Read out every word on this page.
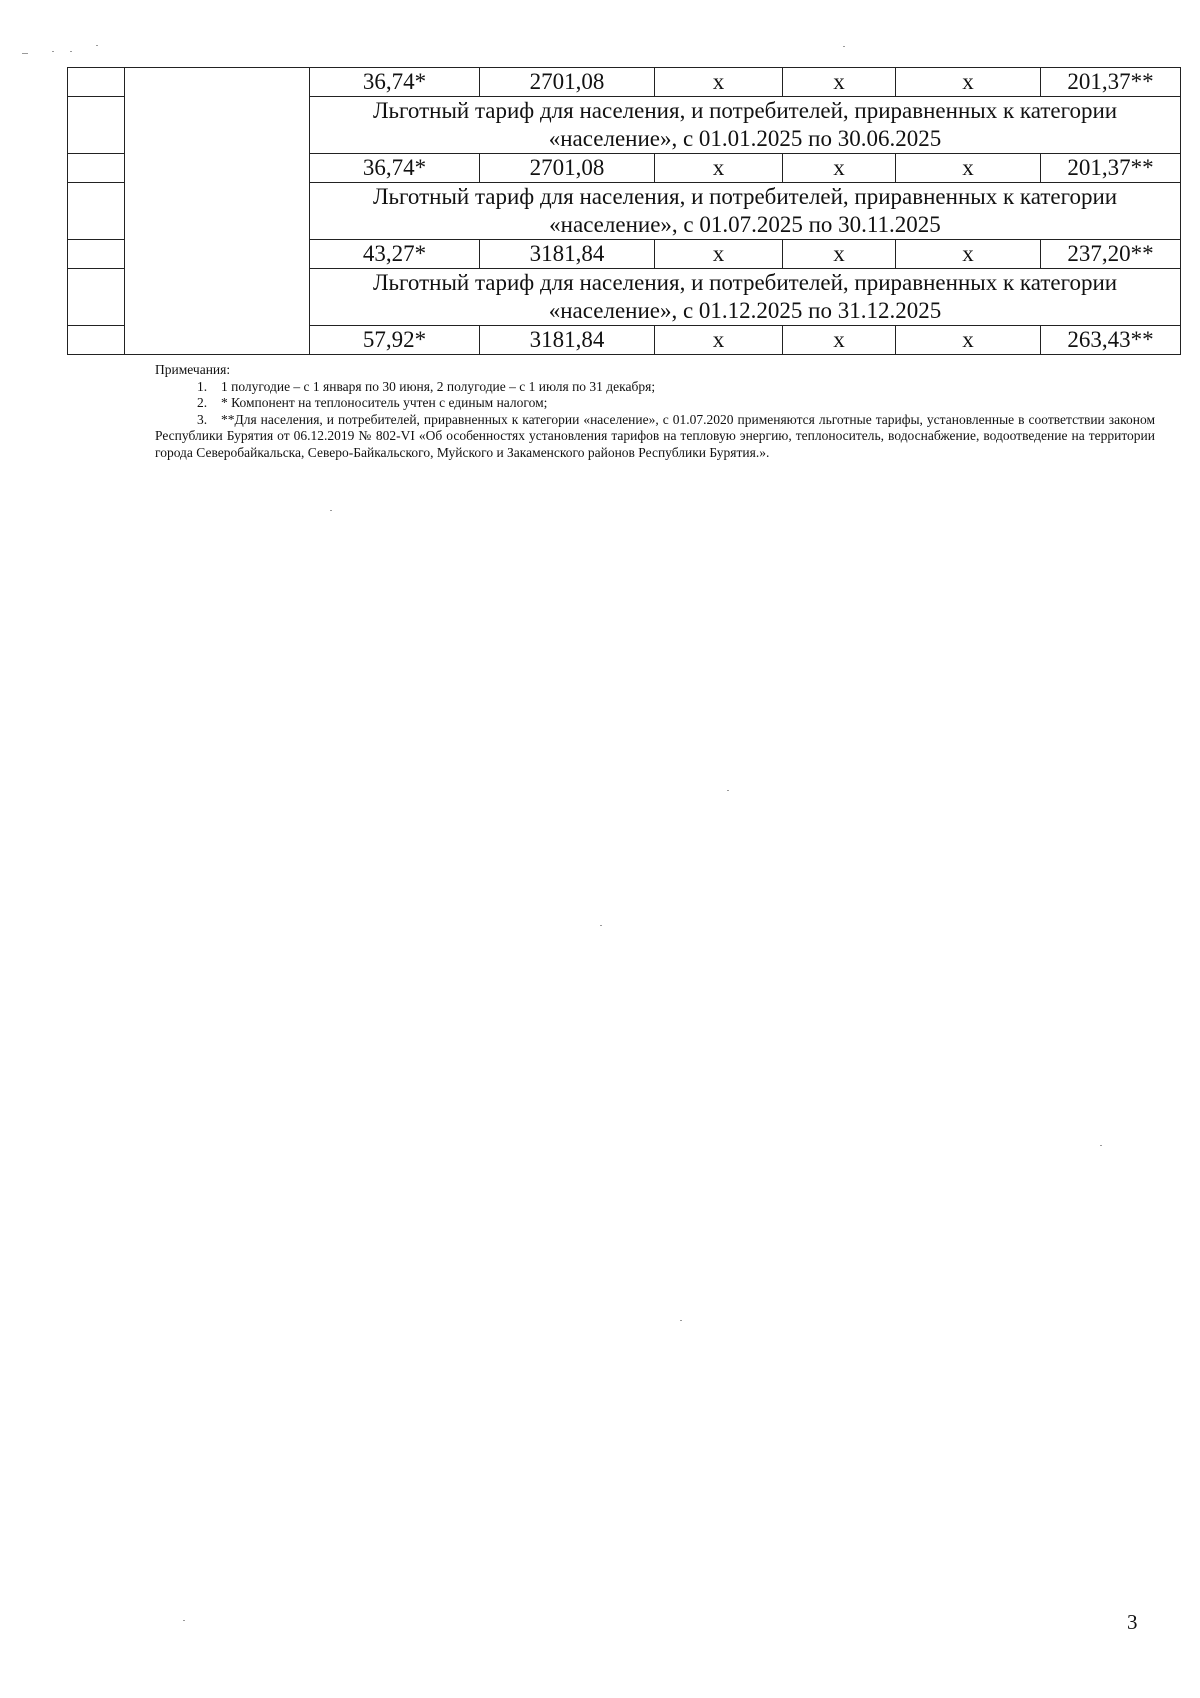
		36,74*	2701,08	x	x	x	201,37**

		Льготный тариф для населения, и потребителей, приравненных к категории
«население», с 01.01.2025 по 30.06.2025					

		36,74*	2701,08	x	x	x	201,37**

		Льготный тариф для населения, и потребителей, приравненных к категории
«население», с 01.07.2025 по 30.11.2025					

		43,27*	3181,84	x	x	x	237,20**

		Льготный тариф для населения, и потребителей, приравненных к категории
«население», с 01.12.2025 по 31.12.2025					

		57,92*	3181,84	x	x	x	263,43**

Примечания:

1. 1 полугодие – с 1 января по 30 июня, 2 полугодие – с 1 июля по 31 декабря;

2. * Компонент на теплоноситель учтен с единым налогом;

3. **Для населения, и потребителей, приравненных к категории «население», с 01.07.2020 применяются льготные тарифы, установленные в соответствии законом Республики Бурятия от 06.12.2019 № 802-VI «Об особенностях установления тарифов на тепловую энергию, теплоноситель, водоснабжение, водоотведение на территории города Северобайкальска, Северо-Байкальского, Муйского и Закаменского районов Республики Бурятия.».

3
